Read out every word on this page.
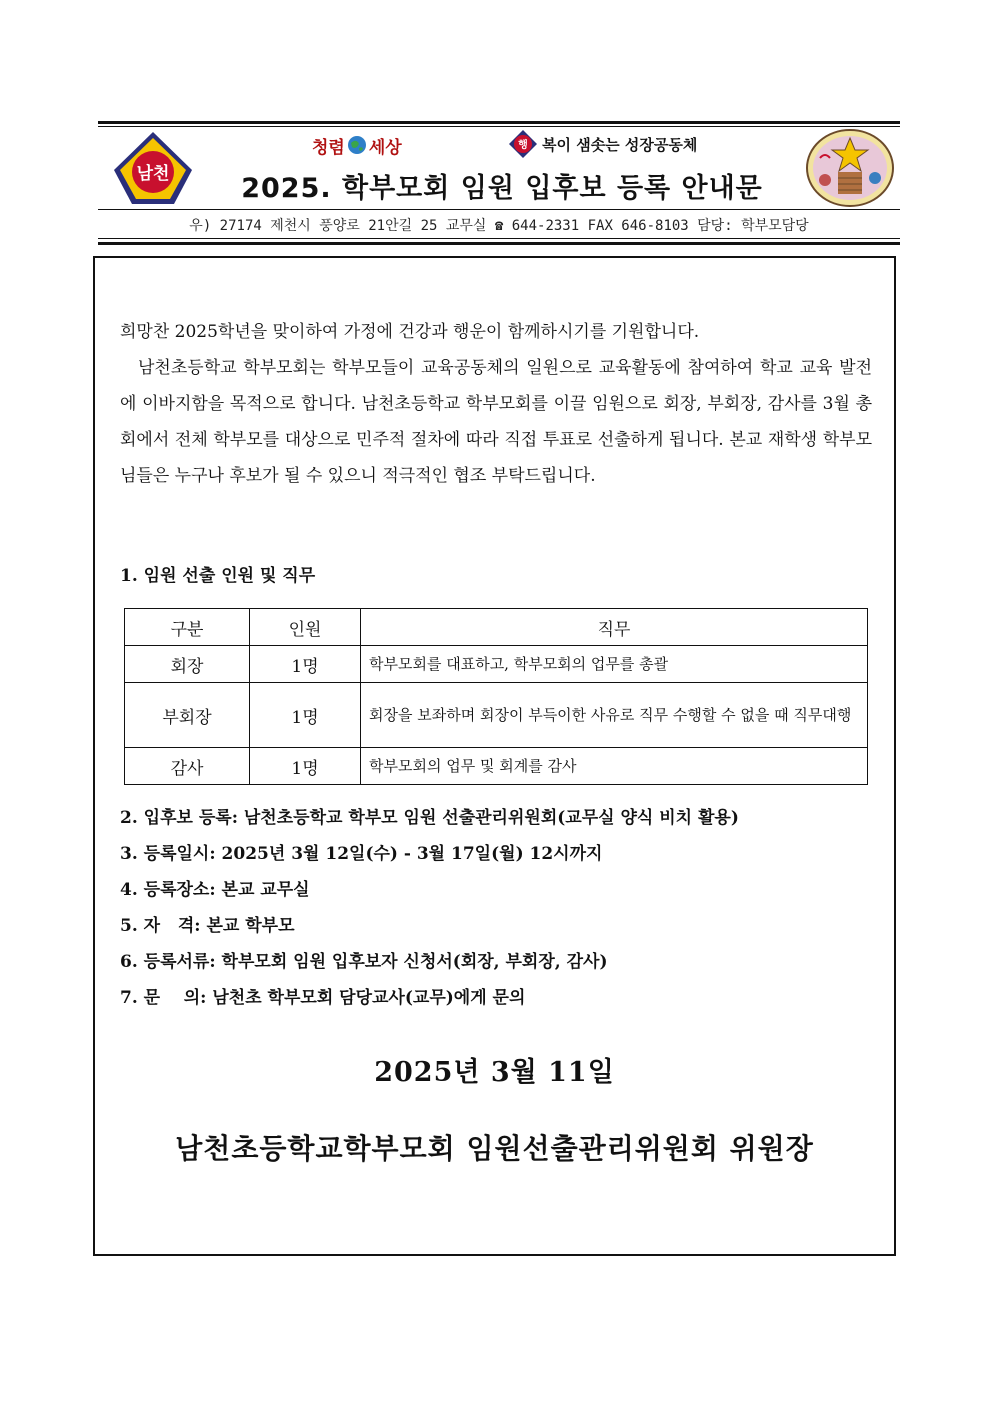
남천
청렴 세상	행 복이 샘솟는 성장공동체
2025. 학부모회 임원 입후보 등록 안내문
우) 27174 제천시 풍양로 21안길 25 교무실 ☎ 644-2331 FAX 646-8103 담당: 학부모담당
희망찬 2025학년을 맞이하여 가정에 건강과 행운이 함께하시기를 기원합니다.
남천초등학교 학부모회는 학부모들이 교육공동체의 일원으로 교육활동에 참여하여 학교 교육 발전에 이바지함을 목적으로 합니다. 남천초등학교 학부모회를 이끌 임원으로 회장, 부회장, 감사를 3월 총회에서 전체 학부모를 대상으로 민주적 절차에 따라 직접 투표로 선출하게 됩니다. 본교 재학생 학부모님들은 누구나 후보가 될 수 있으니 적극적인 협조 부탁드립니다.
1. 임원 선출 인원 및 직무
구분	인원	직무
회장	1명	학부모회를 대표하고, 학부모회의 업무를 총괄
부회장	1명	회장을 보좌하며 회장이 부득이한 사유로 직무 수행할 수 없을 때 직무대행
감사	1명	학부모회의 업무 및 회계를 감사
2. 입후보 등록: 남천초등학교 학부모 임원 선출관리위원회(교무실 양식 비치 활용)
3. 등록일시: 2025년 3월 12일(수) - 3월 17일(월) 12시까지
4. 등록장소: 본교 교무실
5. 자   격: 본교 학부모
6. 등록서류: 학부모회 임원 입후보자 신청서(회장, 부회장, 감사)
7. 문    의: 남천초 학부모회 담당교사(교무)에게 문의
2025년 3월 11일
남천초등학교학부모회 임원선출관리위원회 위원장
